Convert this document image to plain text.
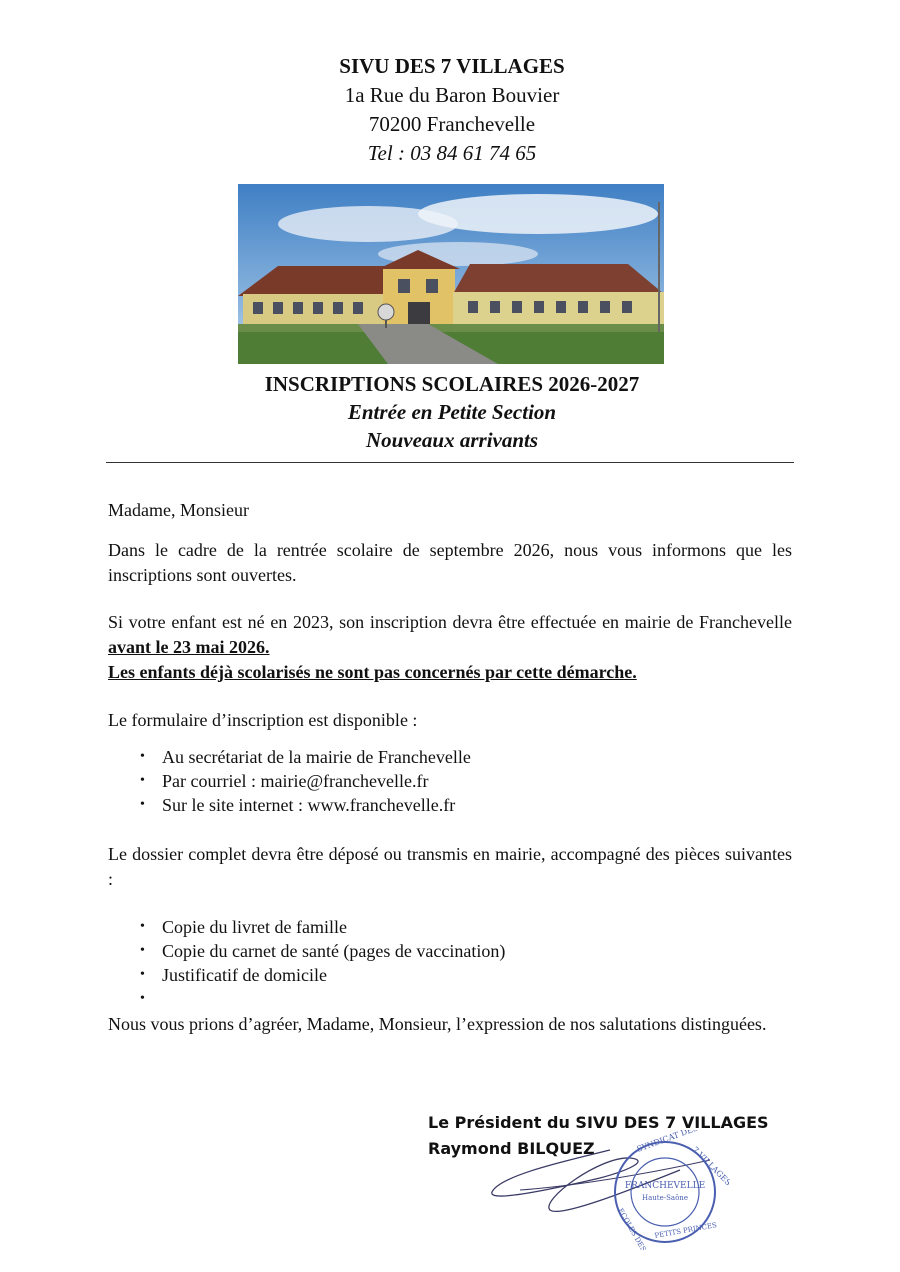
SIVU DES 7 VILLAGES
1a Rue du Baron Bouvier
70200 Franchevelle
Tel : 03 84 61 74 65
INSCRIPTIONS SCOLAIRES 2026-2027
Entrée en Petite Section
Nouveaux arrivants

Madame, Monsieur

Dans le cadre de la rentrée scolaire de septembre 2026, nous vous informons que les inscriptions sont ouvertes.

Si votre enfant est né en 2023, son inscription devra être effectuée en mairie de Franchevelle avant le 23 mai 2026.

Les enfants déjà scolarisés ne sont pas concernés par cette démarche.

Le formulaire d’inscription est disponible :

• Au secrétariat de la mairie de Franchevelle
• Par courriel : mairie@franchevelle.fr
• Sur le site internet : www.franchevelle.fr

Le dossier complet devra être déposé ou transmis en mairie, accompagné des pièces suivantes :

• Copie du livret de famille
• Copie du carnet de santé (pages de vaccination)
• Justificatif de domicile
•

Nous vous prions d’agréer, Madame, Monsieur, l’expression de nos salutations distinguées.

Le Président du SIVU DES 7 VILLAGES
Raymond BILQUEZ
FRANCHEVELLE
Haute-Saône
SYNDICAT DES
7 VILLAGES
ECOLES DES PETITS PRINCES
